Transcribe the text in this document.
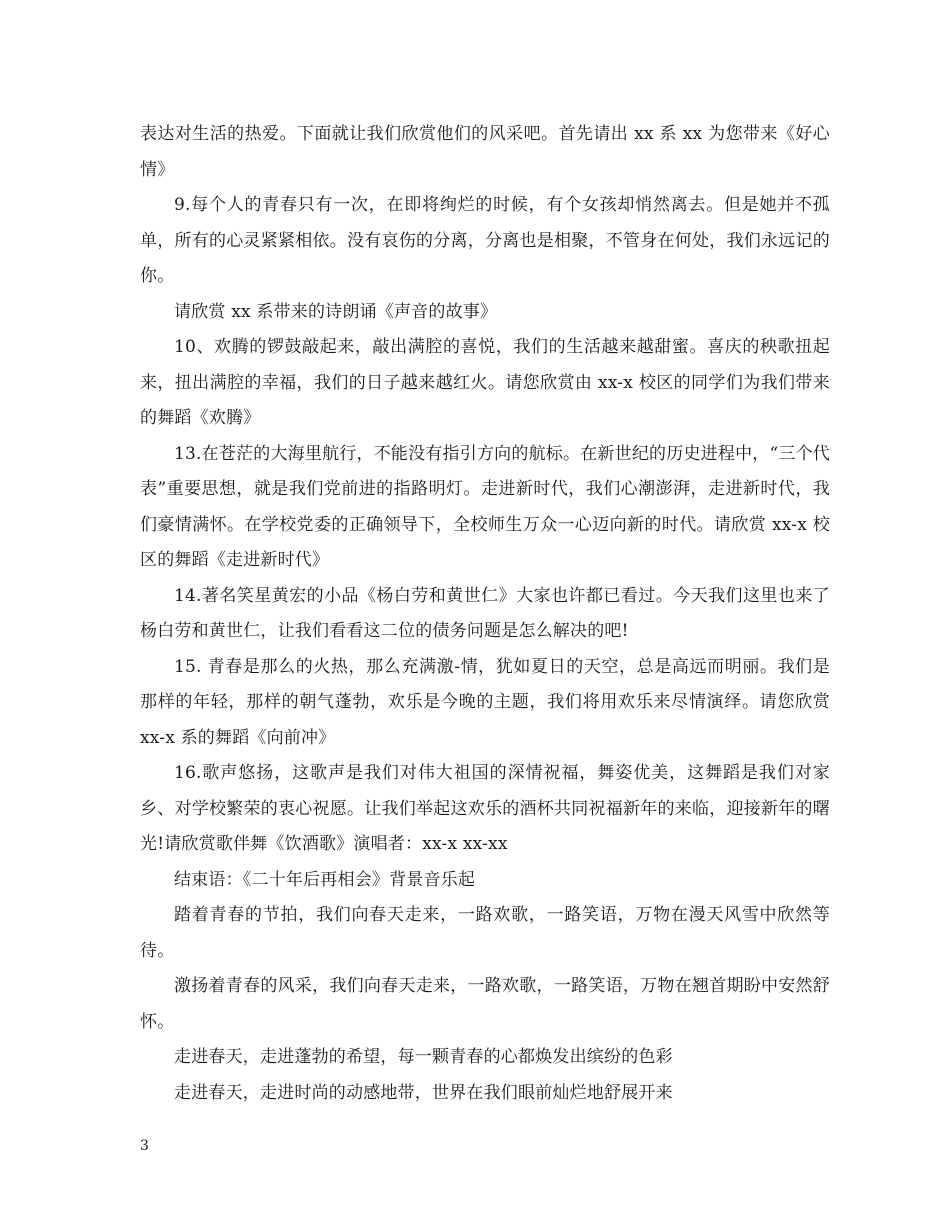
表达对生活的热爱。下面就让我们欣赏他们的风采吧。首先请出 xx 系 xx 为您带来《好心情》

9.每个人的青春只有一次，在即将绚烂的时候，有个女孩却悄然离去。但是她并不孤单，所有的心灵紧紧相依。没有哀伤的分离，分离也是相聚，不管身在何处，我们永远记的你。

请欣赏 xx 系带来的诗朗诵《声音的故事》

10、欢腾的锣鼓敲起来，敲出满腔的喜悦，我们的生活越来越甜蜜。喜庆的秧歌扭起来，扭出满腔的幸福，我们的日子越来越红火。请您欣赏由 xx-x 校区的同学们为我们带来的舞蹈《欢腾》

13.在苍茫的大海里航行，不能没有指引方向的航标。在新世纪的历史进程中，“三个代表”重要思想，就是我们党前进的指路明灯。走进新时代，我们心潮澎湃，走进新时代，我们豪情满怀。在学校党委的正确领导下，全校师生万众一心迈向新的时代。请欣赏 xx-x 校区的舞蹈《走进新时代》

14.著名笑星黄宏的小品《杨白劳和黄世仁》大家也许都已看过。今天我们这里也来了杨白劳和黄世仁，让我们看看这二位的债务问题是怎么解决的吧!

15. 青春是那么的火热，那么充满激-情，犹如夏日的天空，总是高远而明丽。我们是那样的年轻，那样的朝气蓬勃，欢乐是今晚的主题，我们将用欢乐来尽情演绎。请您欣赏 xx-x 系的舞蹈《向前冲》

16.歌声悠扬，这歌声是我们对伟大祖国的深情祝福，舞姿优美，这舞蹈是我们对家乡、对学校繁荣的衷心祝愿。让我们举起这欢乐的酒杯共同祝福新年的来临，迎接新年的曙光!请欣赏歌伴舞《饮酒歌》演唱者：xx-x xx-xx

结束语：《二十年后再相会》背景音乐起

踏着青春的节拍，我们向春天走来，一路欢歌，一路笑语，万物在漫天风雪中欣然等待。

激扬着青春的风采，我们向春天走来，一路欢歌，一路笑语，万物在翘首期盼中安然舒怀。

走进春天，走进蓬勃的希望，每一颗青春的心都焕发出缤纷的色彩

走进春天，走进时尚的动感地带，世界在我们眼前灿烂地舒展开来

3
